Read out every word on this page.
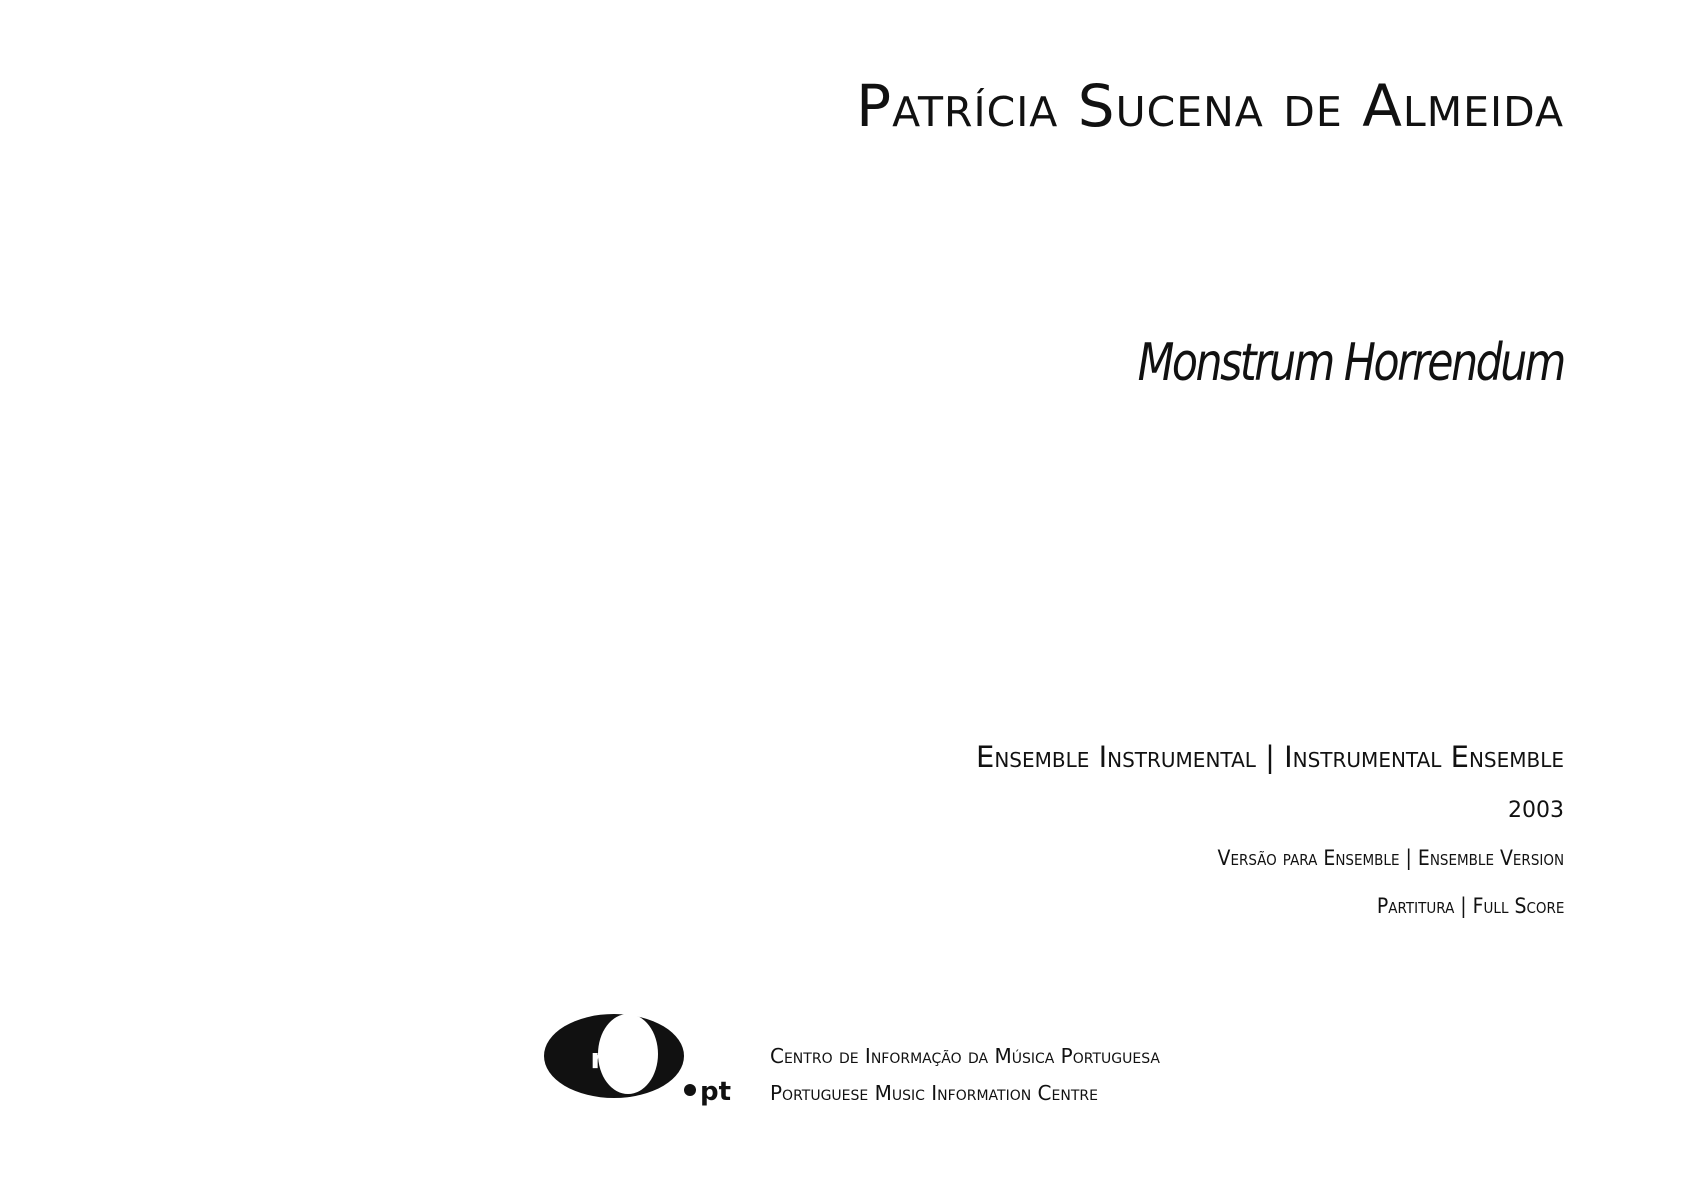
Patrícia Sucena de Almeida
Monstrum Horrendum
Ensemble Instrumental | Instrumental Ensemble
2003
Versão para Ensemble | Ensemble Version
Partitura | Full Score
mic
pt
Centro de Informação da Música Portuguesa
Portuguese Music Information Centre
